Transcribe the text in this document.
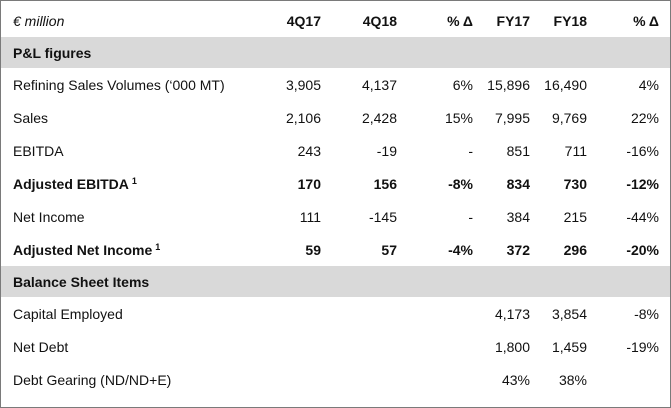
€ million	4Q17	4Q18	% Δ	FY17	FY18	% Δ
P&L figures						
Refining Sales Volumes (‘000 MT)	3,905	4,137	6%	15,896	16,490	4%
Sales	2,106	2,428	15%	7,995	9,769	22%
EBITDA	243	-19	-	851	711	-16%
Adjusted EBITDA $^1$	170	156	-8%	834	730	-12%
Net Income	111	-145	-	384	215	-44%
Adjusted Net Income $^1$	59	57	-4%	372	296	-20%
Balance Sheet Items						
Capital Employed				4,173	3,854	-8%
Net Debt				1,800	1,459	-19%
Debt Gearing (ND/ND+E)				43%	38%	
